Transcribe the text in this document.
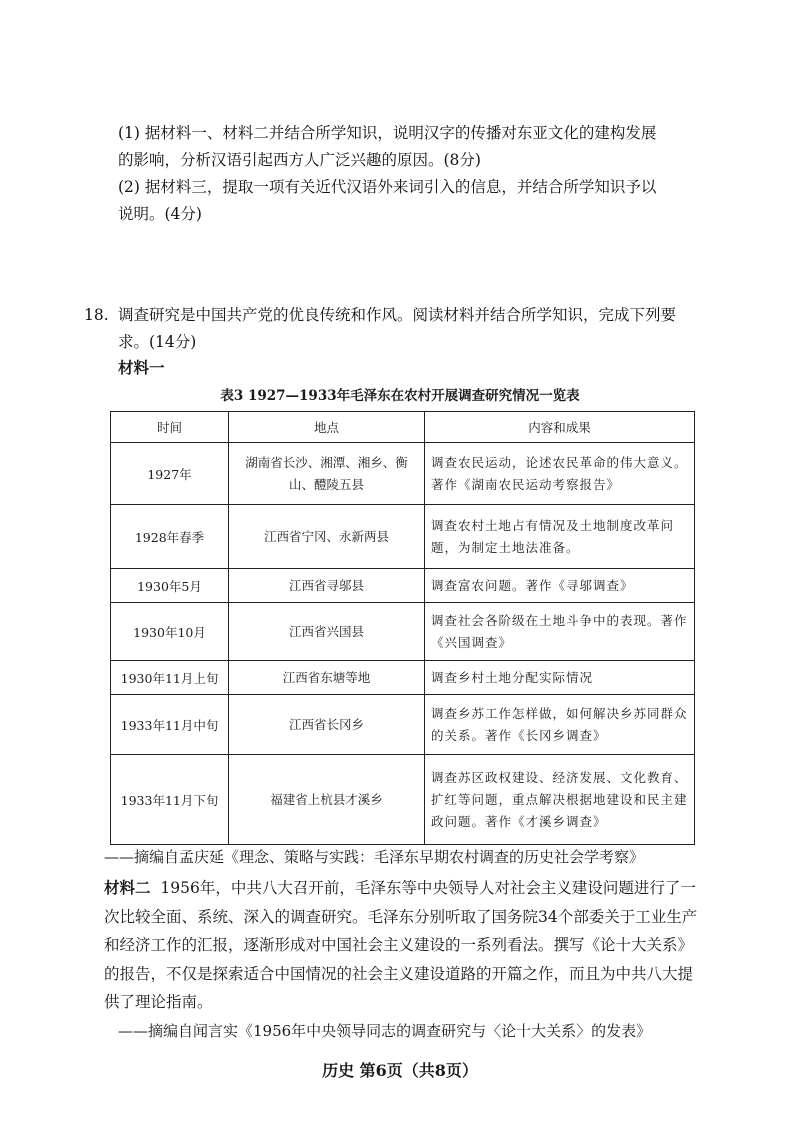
(1) 据材料一、材料二并结合所学知识，说明汉字的传播对东亚文化的建构发展
的影响，分析汉语引起西方人广泛兴趣的原因。(8分)
(2) 据材料三，提取一项有关近代汉语外来词引入的信息，并结合所学知识予以
说明。(4分)
18. 调查研究是中国共产党的优良传统和作风。阅读材料并结合所学知识，完成下列要
求。(14分)
材料一
表3 1927—1933年毛泽东在农村开展调查研究情况一览表
时间	地点	内容和成果
1927年	湖南省长沙、湘潭、湘乡、衡山、醴陵五县	调查农民运动，论述农民革命的伟大意义。著作《湖南农民运动考察报告》
1928年春季	江西省宁冈、永新两县	调查农村土地占有情况及土地制度改革问题，为制定土地法准备。
1930年5月	江西省寻邬县	调查富农问题。著作《寻邬调查》
1930年10月	江西省兴国县	调查社会各阶级在土地斗争中的表现。著作《兴国调查》
1930年11月上旬	江西省东塘等地	调查乡村土地分配实际情况
1933年11月中旬	江西省长冈乡	调查乡苏工作怎样做，如何解决乡苏同群众的关系。著作《长冈乡调查》
1933年11月下旬	福建省上杭县才溪乡	调查苏区政权建设、经济发展、文化教育、扩红等问题，重点解决根据地建设和民主建政问题。著作《才溪乡调查》
——摘编自孟庆延《理念、策略与实践：毛泽东早期农村调查的历史社会学考察》

材料二 1956年，中共八大召开前，毛泽东等中央领导人对社会主义建设问题进行了一次比较全面、系统、深入的调查研究。毛泽东分别听取了国务院34个部委关于工业生产和经济工作的汇报，逐渐形成对中国社会主义建设的一系列看法。撰写《论十大关系》的报告，不仅是探索适合中国情况的社会主义建设道路的开篇之作，而且为中共八大提供了理论指南。

——摘编自闻言实《1956年中央领导同志的调查研究与〈论十大关系〉的发表》
历史 第6页（共8页）
